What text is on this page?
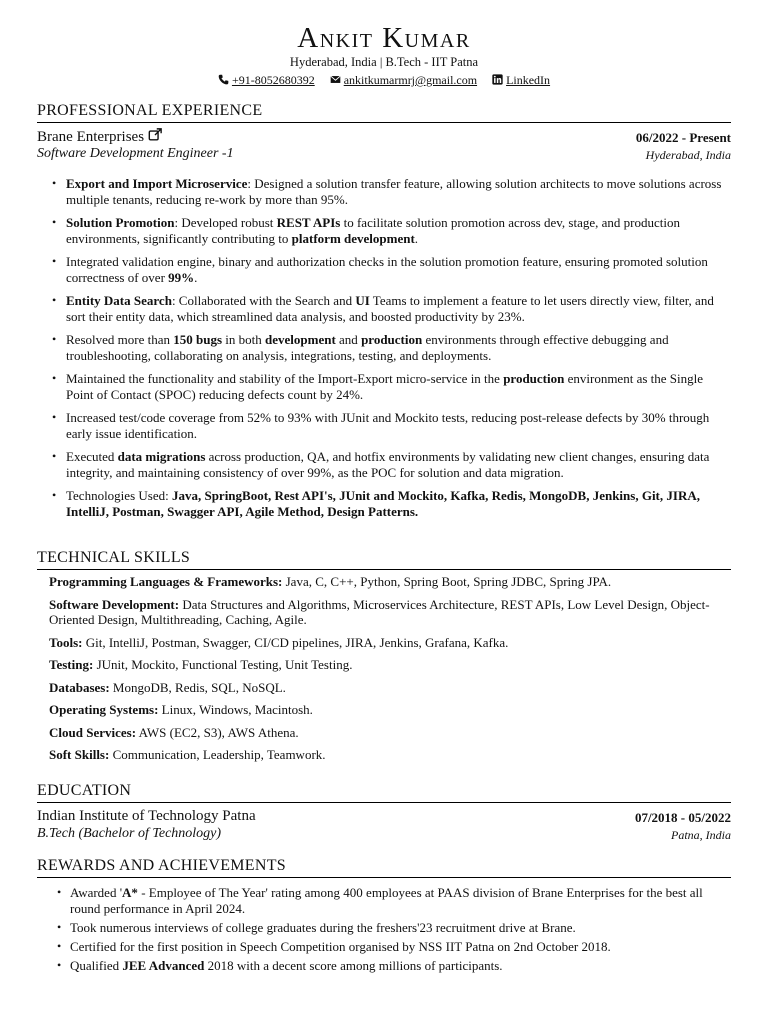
Ankit Kumar
Hyderabad, India | B.Tech - IIT Patna
+91-8052680392 ankitkumarmrj@gmail.com LinkedIn
PROFESSIONAL EXPERIENCE
Brane Enterprises	06/2022 - Present
Software Development Engineer -1	Hyderabad, India
• Export and Import Microservice: Designed a solution transfer feature, allowing solution architects to move solutions across multiple tenants, reducing re-work by more than 95%.
• Solution Promotion: Developed robust REST APIs to facilitate solution promotion across dev, stage, and production environments, significantly contributing to platform development.
• Integrated validation engine, binary and authorization checks in the solution promotion feature, ensuring promoted solution correctness of over 99%.
• Entity Data Search: Collaborated with the Search and UI Teams to implement a feature to let users directly view, filter, and sort their entity data, which streamlined data analysis, and boosted productivity by 23%.
• Resolved more than 150 bugs in both development and production environments through effective debugging and troubleshooting, collaborating on analysis, integrations, testing, and deployments.
• Maintained the functionality and stability of the Import-Export micro-service in the production environment as the Single Point of Contact (SPOC) reducing defects count by 24%.
• Increased test/code coverage from 52% to 93% with JUnit and Mockito tests, reducing post-release defects by 30% through early issue identification.
• Executed data migrations across production, QA, and hotfix environments by validating new client changes, ensuring data integrity, and maintaining consistency of over 99%, as the POC for solution and data migration.
• Technologies Used: Java, SpringBoot, Rest API's, JUnit and Mockito, Kafka, Redis, MongoDB, Jenkins, Git, JIRA, IntelliJ, Postman, Swagger API, Agile Method, Design Patterns.
TECHNICAL SKILLS
Programming Languages & Frameworks: Java, C, C++, Python, Spring Boot, Spring JDBC, Spring JPA.
Software Development: Data Structures and Algorithms, Microservices Architecture, REST APIs, Low Level Design, Object-Oriented Design, Multithreading, Caching, Agile.
Tools: Git, IntelliJ, Postman, Swagger, CI/CD pipelines, JIRA, Jenkins, Grafana, Kafka.
Testing: JUnit, Mockito, Functional Testing, Unit Testing.
Databases: MongoDB, Redis, SQL, NoSQL.
Operating Systems: Linux, Windows, Macintosh.
Cloud Services: AWS (EC2, S3), AWS Athena.
Soft Skills: Communication, Leadership, Teamwork.
EDUCATION
Indian Institute of Technology Patna	07/2018 - 05/2022
B.Tech (Bachelor of Technology)	Patna, India
REWARDS AND ACHIEVEMENTS
• Awarded 'A* - Employee of The Year' rating among 400 employees at PAAS division of Brane Enterprises for the best all round performance in April 2024.
• Took numerous interviews of college graduates during the freshers'23 recruitment drive at Brane.
• Certified for the first position in Speech Competition organised by NSS IIT Patna on 2nd October 2018.
• Qualified JEE Advanced 2018 with a decent score among millions of participants.
